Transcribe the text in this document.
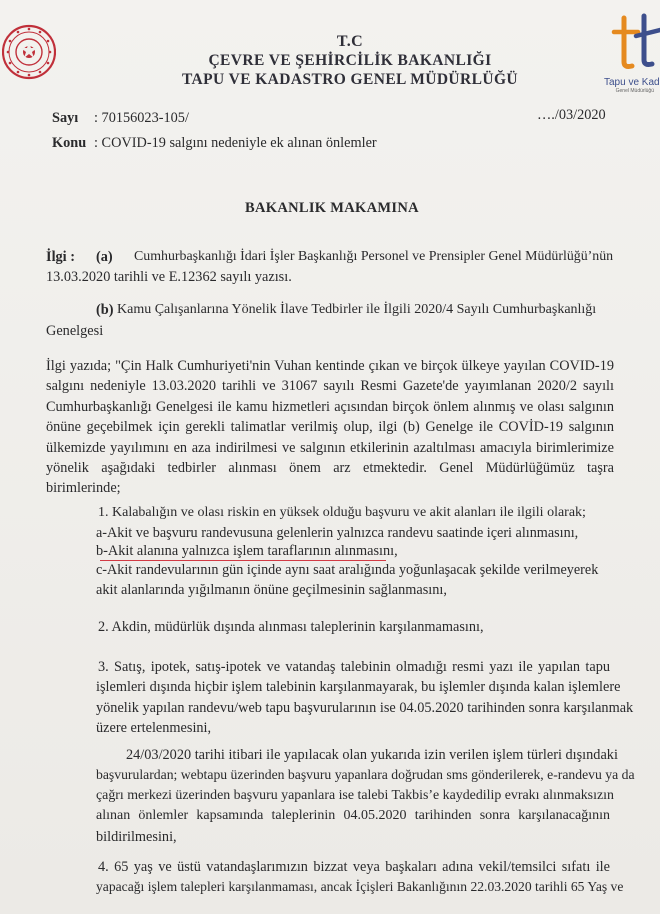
Tapu ve Kad
Genel Müdürlüğü
T.C
ÇEVRE VE ŞEHİRCİLİK BAKANLIĞI
TAPU VE KADASTRO GENEL MÜDÜRLÜĞÜ
Sayı : 70156023-105/	…./03/2020
Konu : COVID-19 salgını nedeniyle ek alınan önlemler
BAKANLIK MAKAMINA
İlgi : (a) Cumhurbaşkanlığı İdari İşler Başkanlığı Personel ve Prensipler Genel Müdürlüğü’nün
13.03.2020 tarihli ve E.12362 sayılı yazısı.
(b) Kamu Çalışanlarına Yönelik İlave Tedbirler ile İlgili 2020/4 Sayılı Cumhurbaşkanlığı
Genelgesi
İlgi yazıda; "Çin Halk Cumhuriyeti'nin Vuhan kentinde çıkan ve birçok ülkeye yayılan COVID-19
salgını nedeniyle 13.03.2020 tarihli ve 31067 sayılı Resmi Gazete'de yayımlanan 2020/2 sayılı
Cumhurbaşkanlığı Genelgesi ile kamu hizmetleri açısından birçok önlem alınmış ve olası salgının
önüne geçebilmek için gerekli talimatlar verilmiş olup, ilgi (b) Genelge ile COVİD-19 salgının
ülkemizde yayılımını en aza indirilmesi ve salgının etkilerinin azaltılması amacıyla birimlerimize
yönelik aşağıdaki tedbirler alınması önem arz etmektedir. Genel Müdürlüğümüz taşra
birimlerinde;
1. Kalabalığın ve olası riskin en yüksek olduğu başvuru ve akit alanları ile ilgili olarak;
a-Akit ve başvuru randevusuna gelenlerin yalnızca randevu saatinde içeri alınmasını,
b-Akit alanına yalnızca işlem taraflarının alınmasını,
c-Akit randevularının gün içinde aynı saat aralığında yoğunlaşacak şekilde verilmeyerek
akit alanlarında yığılmanın önüne geçilmesinin sağlanmasını,
2. Akdin, müdürlük dışında alınması taleplerinin karşılanmamasını,
3. Satış, ipotek, satış-ipotek ve vatandaş talebinin olmadığı resmi yazı ile yapılan tapu
işlemleri dışında hiçbir işlem talebinin karşılanmayarak, bu işlemler dışında kalan işlemlere
yönelik yapılan randevu/web tapu başvurularının ise 04.05.2020 tarihinden sonra karşılanmak
üzere ertelenmesini,
24/03/2020 tarihi itibari ile yapılacak olan yukarıda izin verilen işlem türleri dışındaki
başvurulardan; webtapu üzerinden başvuru yapanlara doğrudan sms gönderilerek, e-randevu ya da
çağrı merkezi üzerinden başvuru yapanlara ise talebi Takbis’e kaydedilip evrakı alınmaksızın
alınan önlemler kapsamında taleplerinin 04.05.2020 tarihinden sonra karşılanacağının
bildirilmesini,
4. 65 yaş ve üstü vatandaşlarımızın bizzat veya başkaları adına vekil/temsilci sıfatı ile
yapacağı işlem talepleri karşılanmaması, ancak İçişleri Bakanlığının 22.03.2020 tarihli 65 Yaş ve
